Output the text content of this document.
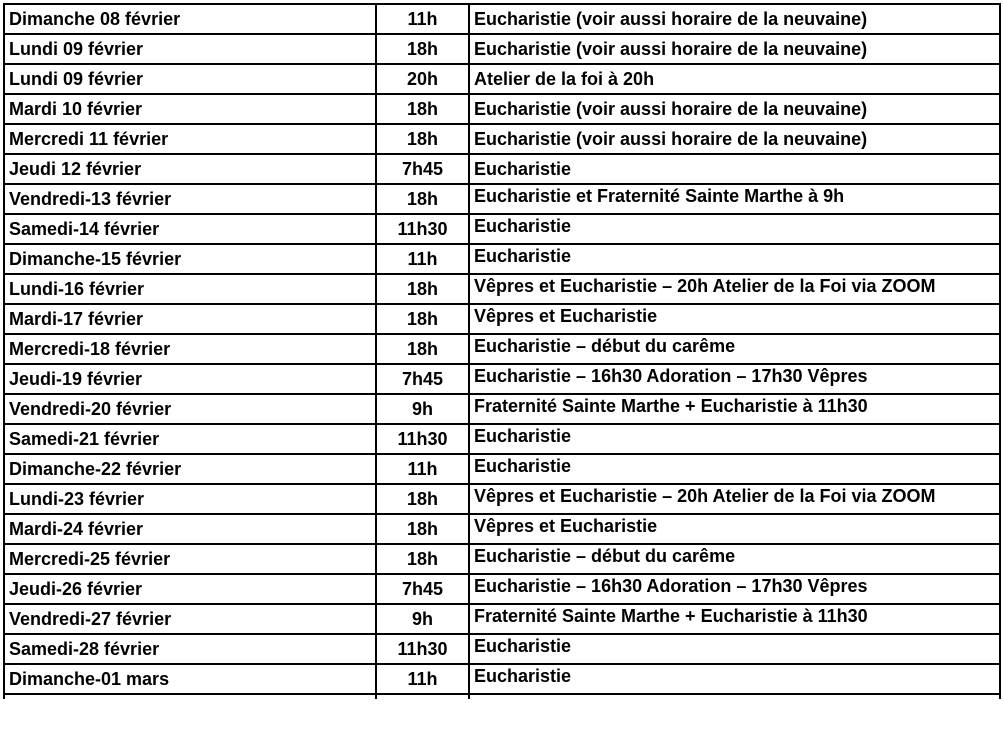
Dimanche 08 février	11h	Eucharistie (voir aussi horaire de la neuvaine)
Lundi 09 février	18h	Eucharistie (voir aussi horaire de la neuvaine)
Lundi 09 février	20h	Atelier de la foi à 20h
Mardi 10 février	18h	Eucharistie (voir aussi horaire de la neuvaine)
Mercredi 11 février	18h	Eucharistie (voir aussi horaire de la neuvaine)
Jeudi 12 février	7h45	Eucharistie
Vendredi-13 février	18h	Eucharistie et Fraternité Sainte Marthe à 9h
Samedi-14 février	11h30	Eucharistie
Dimanche-15 février	11h	Eucharistie
Lundi-16 février	18h	Vêpres et Eucharistie – 20h Atelier de la Foi via ZOOM
Mardi-17 février	18h	Vêpres et Eucharistie
Mercredi-18 février	18h	Eucharistie – début du carême
Jeudi-19 février	7h45	Eucharistie – 16h30 Adoration – 17h30 Vêpres
Vendredi-20 février	9h	Fraternité Sainte Marthe + Eucharistie à 11h30
Samedi-21 février	11h30	Eucharistie
Dimanche-22 février	11h	Eucharistie
Lundi-23 février	18h	Vêpres et Eucharistie – 20h Atelier de la Foi via ZOOM
Mardi-24 février	18h	Vêpres et Eucharistie
Mercredi-25 février	18h	Eucharistie – début du carême
Jeudi-26 février	7h45	Eucharistie – 16h30 Adoration – 17h30 Vêpres
Vendredi-27 février	9h	Fraternité Sainte Marthe + Eucharistie à 11h30
Samedi-28 février	11h30	Eucharistie
Dimanche-01 mars	11h	Eucharistie
